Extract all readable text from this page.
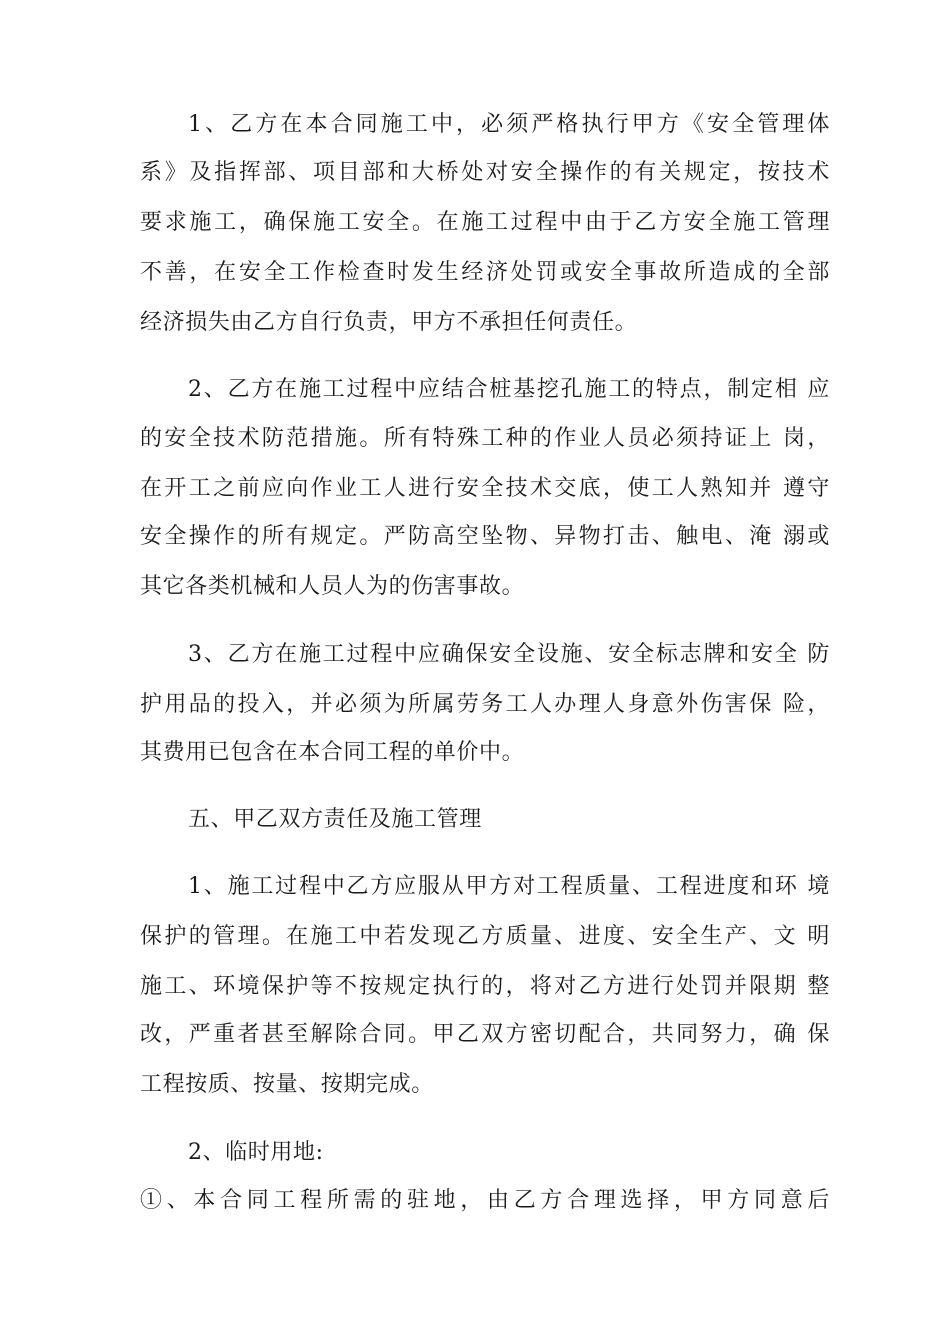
1、乙方在本合同施工中，必须严格执行甲方《安全管理体
系》及指挥部、项目部和大桥处对安全操作的有关规定，按技术
要求施工，确保施工安全。在施工过程中由于乙方安全施工管理
不善，在安全工作检查时发生经济处罚或安全事故所造成的全部
经济损失由乙方自行负责，甲方不承担任何责任。
2、乙方在施工过程中应结合桩基挖孔施工的特点，制定相 应
的安全技术防范措施。所有特殊工种的作业人员必须持证上 岗，
在开工之前应向作业工人进行安全技术交底，使工人熟知并 遵守
安全操作的所有规定。严防高空坠物、异物打击、触电、淹 溺或
其它各类机械和人员人为的伤害事故。
3、乙方在施工过程中应确保安全设施、安全标志牌和安全 防
护用品的投入，并必须为所属劳务工人办理人身意外伤害保 险，
其费用已包含在本合同工程的单价中。
五、甲乙双方责任及施工管理
1、施工过程中乙方应服从甲方对工程质量、工程进度和环 境
保护的管理。在施工中若发现乙方质量、进度、安全生产、文 明
施工、环境保护等不按规定执行的，将对乙方进行处罚并限期 整
改，严重者甚至解除合同。甲乙双方密切配合，共同努力，确 保
工程按质、按量、按期完成。
2、临时用地:
①、本合同工程所需的驻地，由乙方合理选择，甲方同意后
